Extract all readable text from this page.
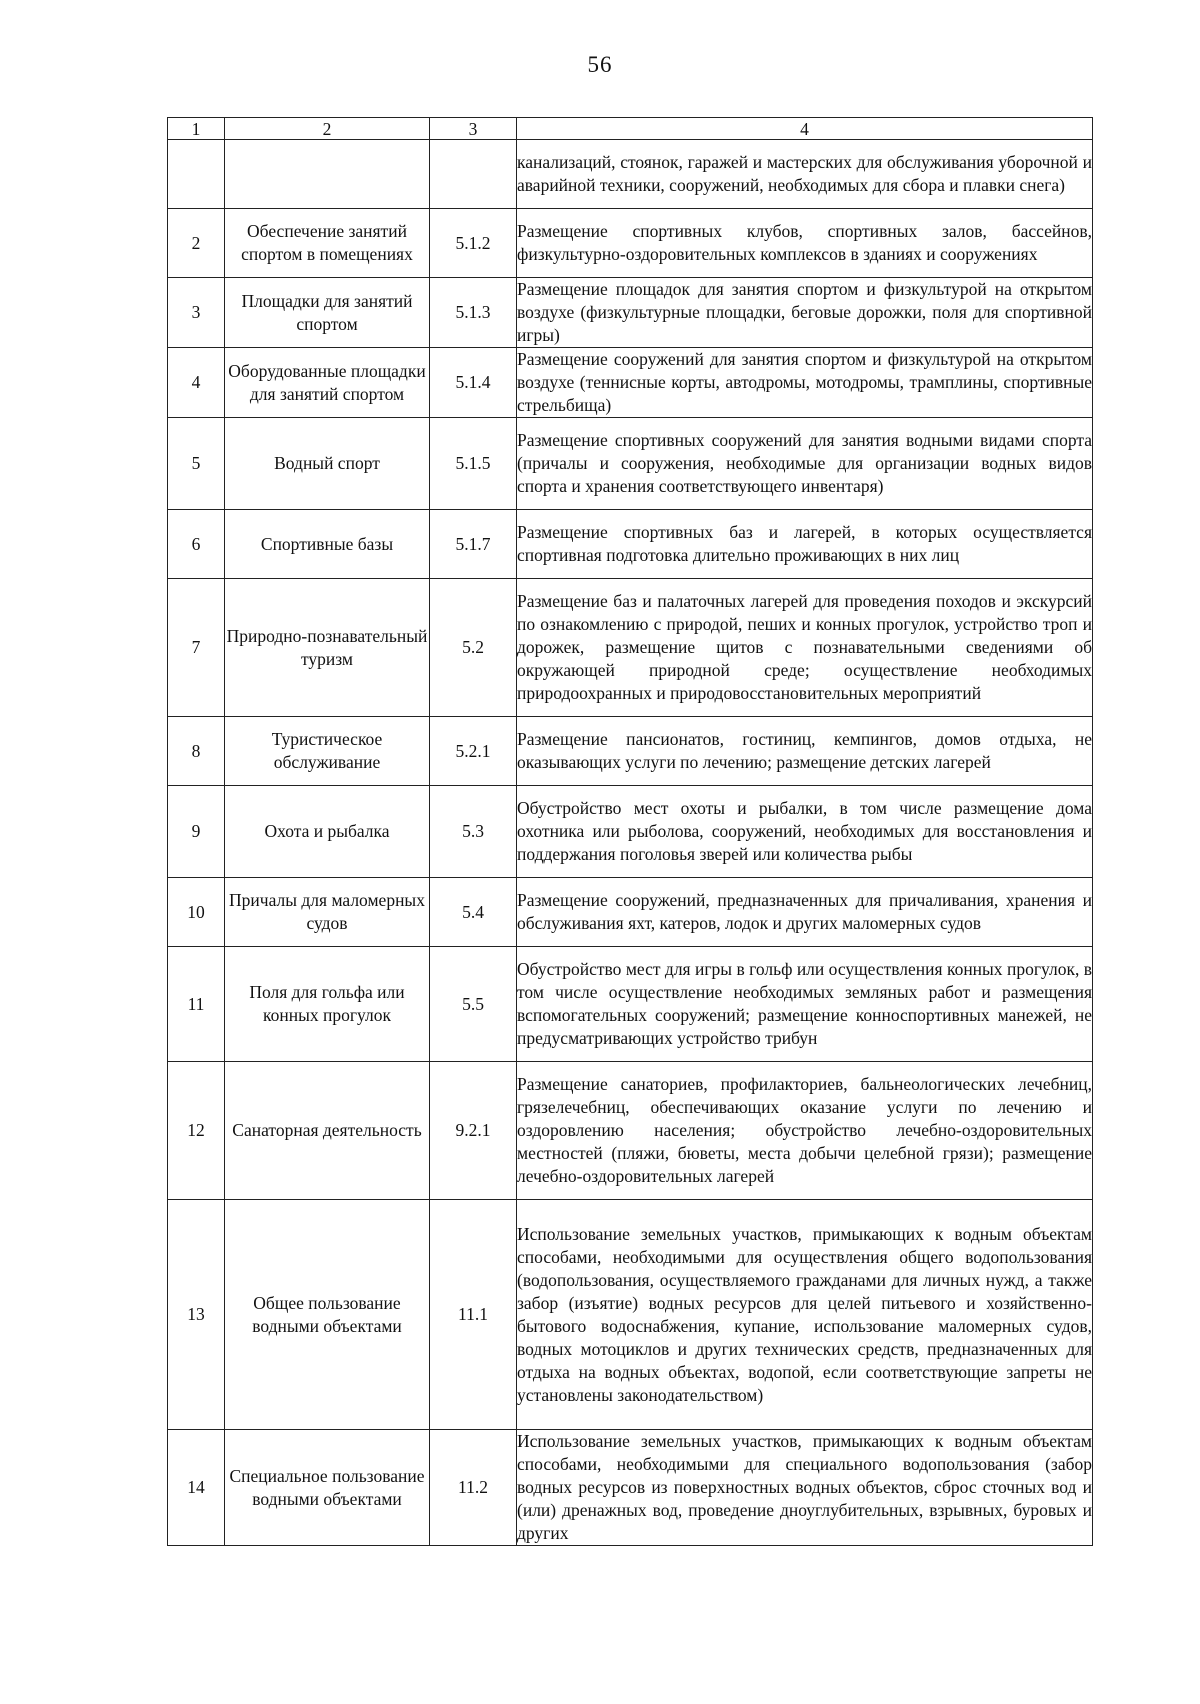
56
1	2	3	4
			канализаций, стоянок, гаражей и мастерских для обслуживания уборочной и аварийной техники, сооружений, необходимых для сбора и плавки снега)
2	Обеспечение занятий спортом в помещениях	5.1.2	Размещение спортивных клубов, спортивных залов, бассейнов, физкультурно-оздоровительных комплексов в зданиях и сооружениях
3	Площадки для занятий спортом	5.1.3	Размещение площадок для занятия спортом и физкультурой на открытом воздухе (физкультурные площадки, беговые дорожки, поля для спортивной игры)
4	Оборудованные площадки для занятий спортом	5.1.4	Размещение сооружений для занятия спортом и физкультурой на открытом воздухе (теннисные корты, автодромы, мотодромы, трамплины, спортивные стрельбища)
5	Водный спорт	5.1.5	Размещение спортивных сооружений для занятия водными видами спорта (причалы и сооружения, необходимые для организации водных видов спорта и хранения соответствующего инвентаря)
6	Спортивные базы	5.1.7	Размещение спортивных баз и лагерей, в которых осуществляется спортивная подготовка длительно проживающих в них лиц
7	Природно-познавательный туризм	5.2	Размещение баз и палаточных лагерей для проведения походов и экскурсий по ознакомлению с природой, пеших и конных прогулок, устройство троп и дорожек, размещение щитов с познавательными сведениями об окружающей природной среде; осуществление необходимых природоохранных и природовосстановительных мероприятий
8	Туристическое обслуживание	5.2.1	Размещение пансионатов, гостиниц, кемпингов, домов отдыха, не оказывающих услуги по лечению; размещение детских лагерей
9	Охота и рыбалка	5.3	Обустройство мест охоты и рыбалки, в том числе размещение дома охотника или рыболова, сооружений, необходимых для восстановления и поддержания поголовья зверей или количества рыбы
10	Причалы для маломерных судов	5.4	Размещение сооружений, предназначенных для причаливания, хранения и обслуживания яхт, катеров, лодок и других маломерных судов
11	Поля для гольфа или конных прогулок	5.5	Обустройство мест для игры в гольф или осуществления конных прогулок, в том числе осуществление необходимых земляных работ и размещения вспомогательных сооружений; размещение конноспортивных манежей, не предусматривающих устройство трибун
12	Санаторная деятельность	9.2.1	Размещение санаториев, профилакториев, бальнеологических лечебниц, грязелечебниц, обеспечивающих оказание услуги по лечению и оздоровлению населения; обустройство лечебно-оздоровительных местностей (пляжи, бюветы, места добычи целебной грязи); размещение лечебно-оздоровительных лагерей
13	Общее пользование водными объектами	11.1	Использование земельных участков, примыкающих к водным объектам способами, необходимыми для осуществления общего водопользования (водопользования, осуществляемого гражданами для личных нужд, а также забор (изъятие) водных ресурсов для целей питьевого и хозяйственно-бытового водоснабжения, купание, использование маломерных судов, водных мотоциклов и других технических средств, предназначенных для отдыха на водных объектах, водопой, если соответствующие запреты не установлены законодательством)
14	Специальное пользование водными объектами	11.2	Использование земельных участков, примыкающих к водным объектам способами, необходимыми для специального водопользования (забор водных ресурсов из поверхностных водных объектов, сброс сточных вод и (или) дренажных вод, проведение дноуглубительных, взрывных, буровых и других
